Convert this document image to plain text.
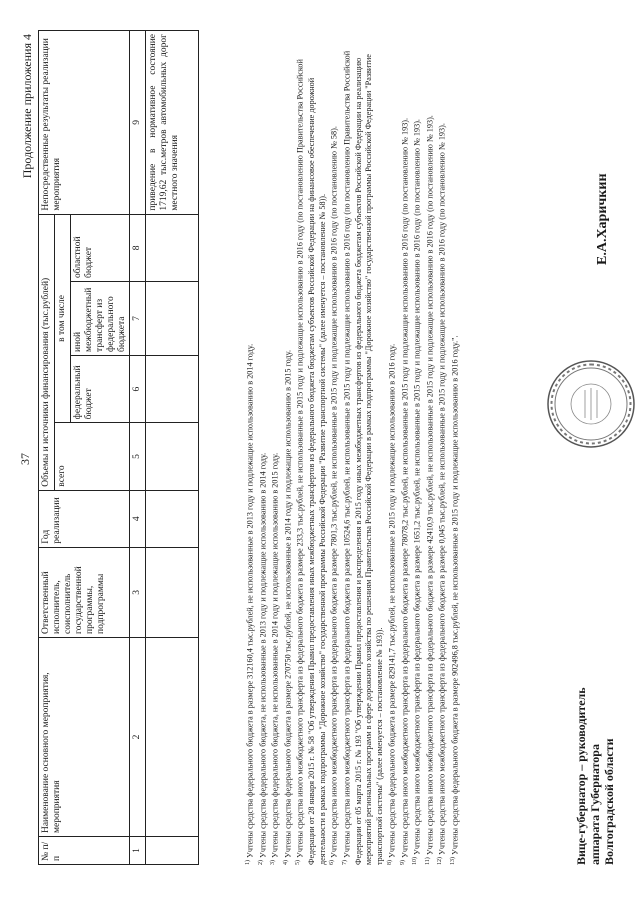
37
Продолжение приложения 4
№ п/п	Наименование основного мероприятия, мероприятия	Ответственный исполнитель, соисполнитель государственной программы, подпрограммы	Год реализации	Объемы и источники финансирования (тыс.рублей)				Непосредственные результаты реализации мероприятия
				всего	в том числе			
					федеральный бюджет	иной межбюджетный трансферт из федерального бюджета	областной бюджет	
1	2	3	4	5	6	7	8	9
								приведение в нормативное состояние 1719,62 тыс.метров автомобильных дорог местного значения

$^{1)}$ Учтены средства федерального бюджета в размере 312160,4 тыс.рублей, не использованные в 2013 году и подлежащие использованию в 2014 году.

$^{2)}$ Учтены средства федерального бюджета, не использованные в 2013 году и подлежащие использованию в 2014 году.

$^{3)}$ Учтены средства федерального бюджета, не использованные в 2014 году и подлежащие использованию в 2015 году.

$^{4)}$ Учтены средства федерального бюджета в размере 270750 тыс.рублей, не использованные в 2014 году и подлежащие использованию в 2015 году.

$^{5)}$ Учтены средства иного межбюджетного трансферта из федерального бюджета в размере 233,3 тыс.рублей, не использованные в 2015 году и подлежащие использованию в 2016 году (по постановлению Правительства Российской Федерации от 28 января 2015 г. № 58 "Об утверждении Правил предоставления иных межбюджетных трансфертов из федерального бюджета бюджетам субъектов Российской Федерации на финансовое обеспечение дорожной деятельности в рамках подпрограммы "Дорожное хозяйство" государственной программы Российской Федерации "Развитие транспортной системы" (далее именуется – постановление № 58)). $^{6)}$ Учтены средства иного межбюджетного трансферта из федерального бюджета в размере 7801,3 тыс.рублей, не использованные в 2015 году и подлежащие использованию в 2016 году (по постановлению № 58).

$^{7)}$ Учтены средства иного межбюджетного трансферта из федерального бюджета в размере 10524,6 тыс.рублей, не использованные в 2015 году и подлежащие использованию в 2016 году (по постановлению Правительства Российской Федерации от 05 марта 2015 г. № 193 "Об утверждении Правил предоставления и распределения в 2015 году иных межбюджетных трансфертов из федерального бюджета бюджетам субъектов Российской Федерации на реализацию мероприятий региональных программ в сфере дорожного хозяйства по решениям Правительства Российской Федерации в рамках подпрограммы "Дорожное хозяйство" государственной программы Российской Федерации "Развитие транспортной системы" (далее именуется – постановление № 193)). $^{8)}$ Учтены средства федерального бюджета в размере 829141,7 тыс.рублей, не использованные в 2015 году и подлежащие использованию в 2016 году.

$^{9)}$ Учтены средства иного межбюджетного трансферта из федерального бюджета в размере 78078,2 тыс.рублей, не использованные в 2015 году и подлежащие использованию в 2016 году (по постановлению № 193).

$^{10)}$ Учтены средства иного межбюджетного трансферта из федерального бюджета в размере 1651,2 тыс.рублей, не использованные в 2015 году и подлежащие использованию в 2016 году (по постановлению № 193).

$^{11)}$ Учтены средства иного межбюджетного трансферта из федерального бюджета в размере 42410,9 тыс.рублей, не использованные в 2015 году и подлежащие использованию в 2016 году (по постановлению № 193).

$^{12)}$ Учтены средства иного межбюджетного трансферта из федерального бюджета в размере 0,045 тыс.рублей, не использованные в 2015 году и подлежащие использованию в 2016 году (по постановлению № 193).

$^{13)}$ Учтены средства федерального бюджета в размере 902496,8 тыс.рублей, не использованные в 2015 году и подлежащие использованию в 2016 году.".	Вице-губернатор – руководитель аппарата Губернатора Волгоградской области
Е.А.Харичкин
